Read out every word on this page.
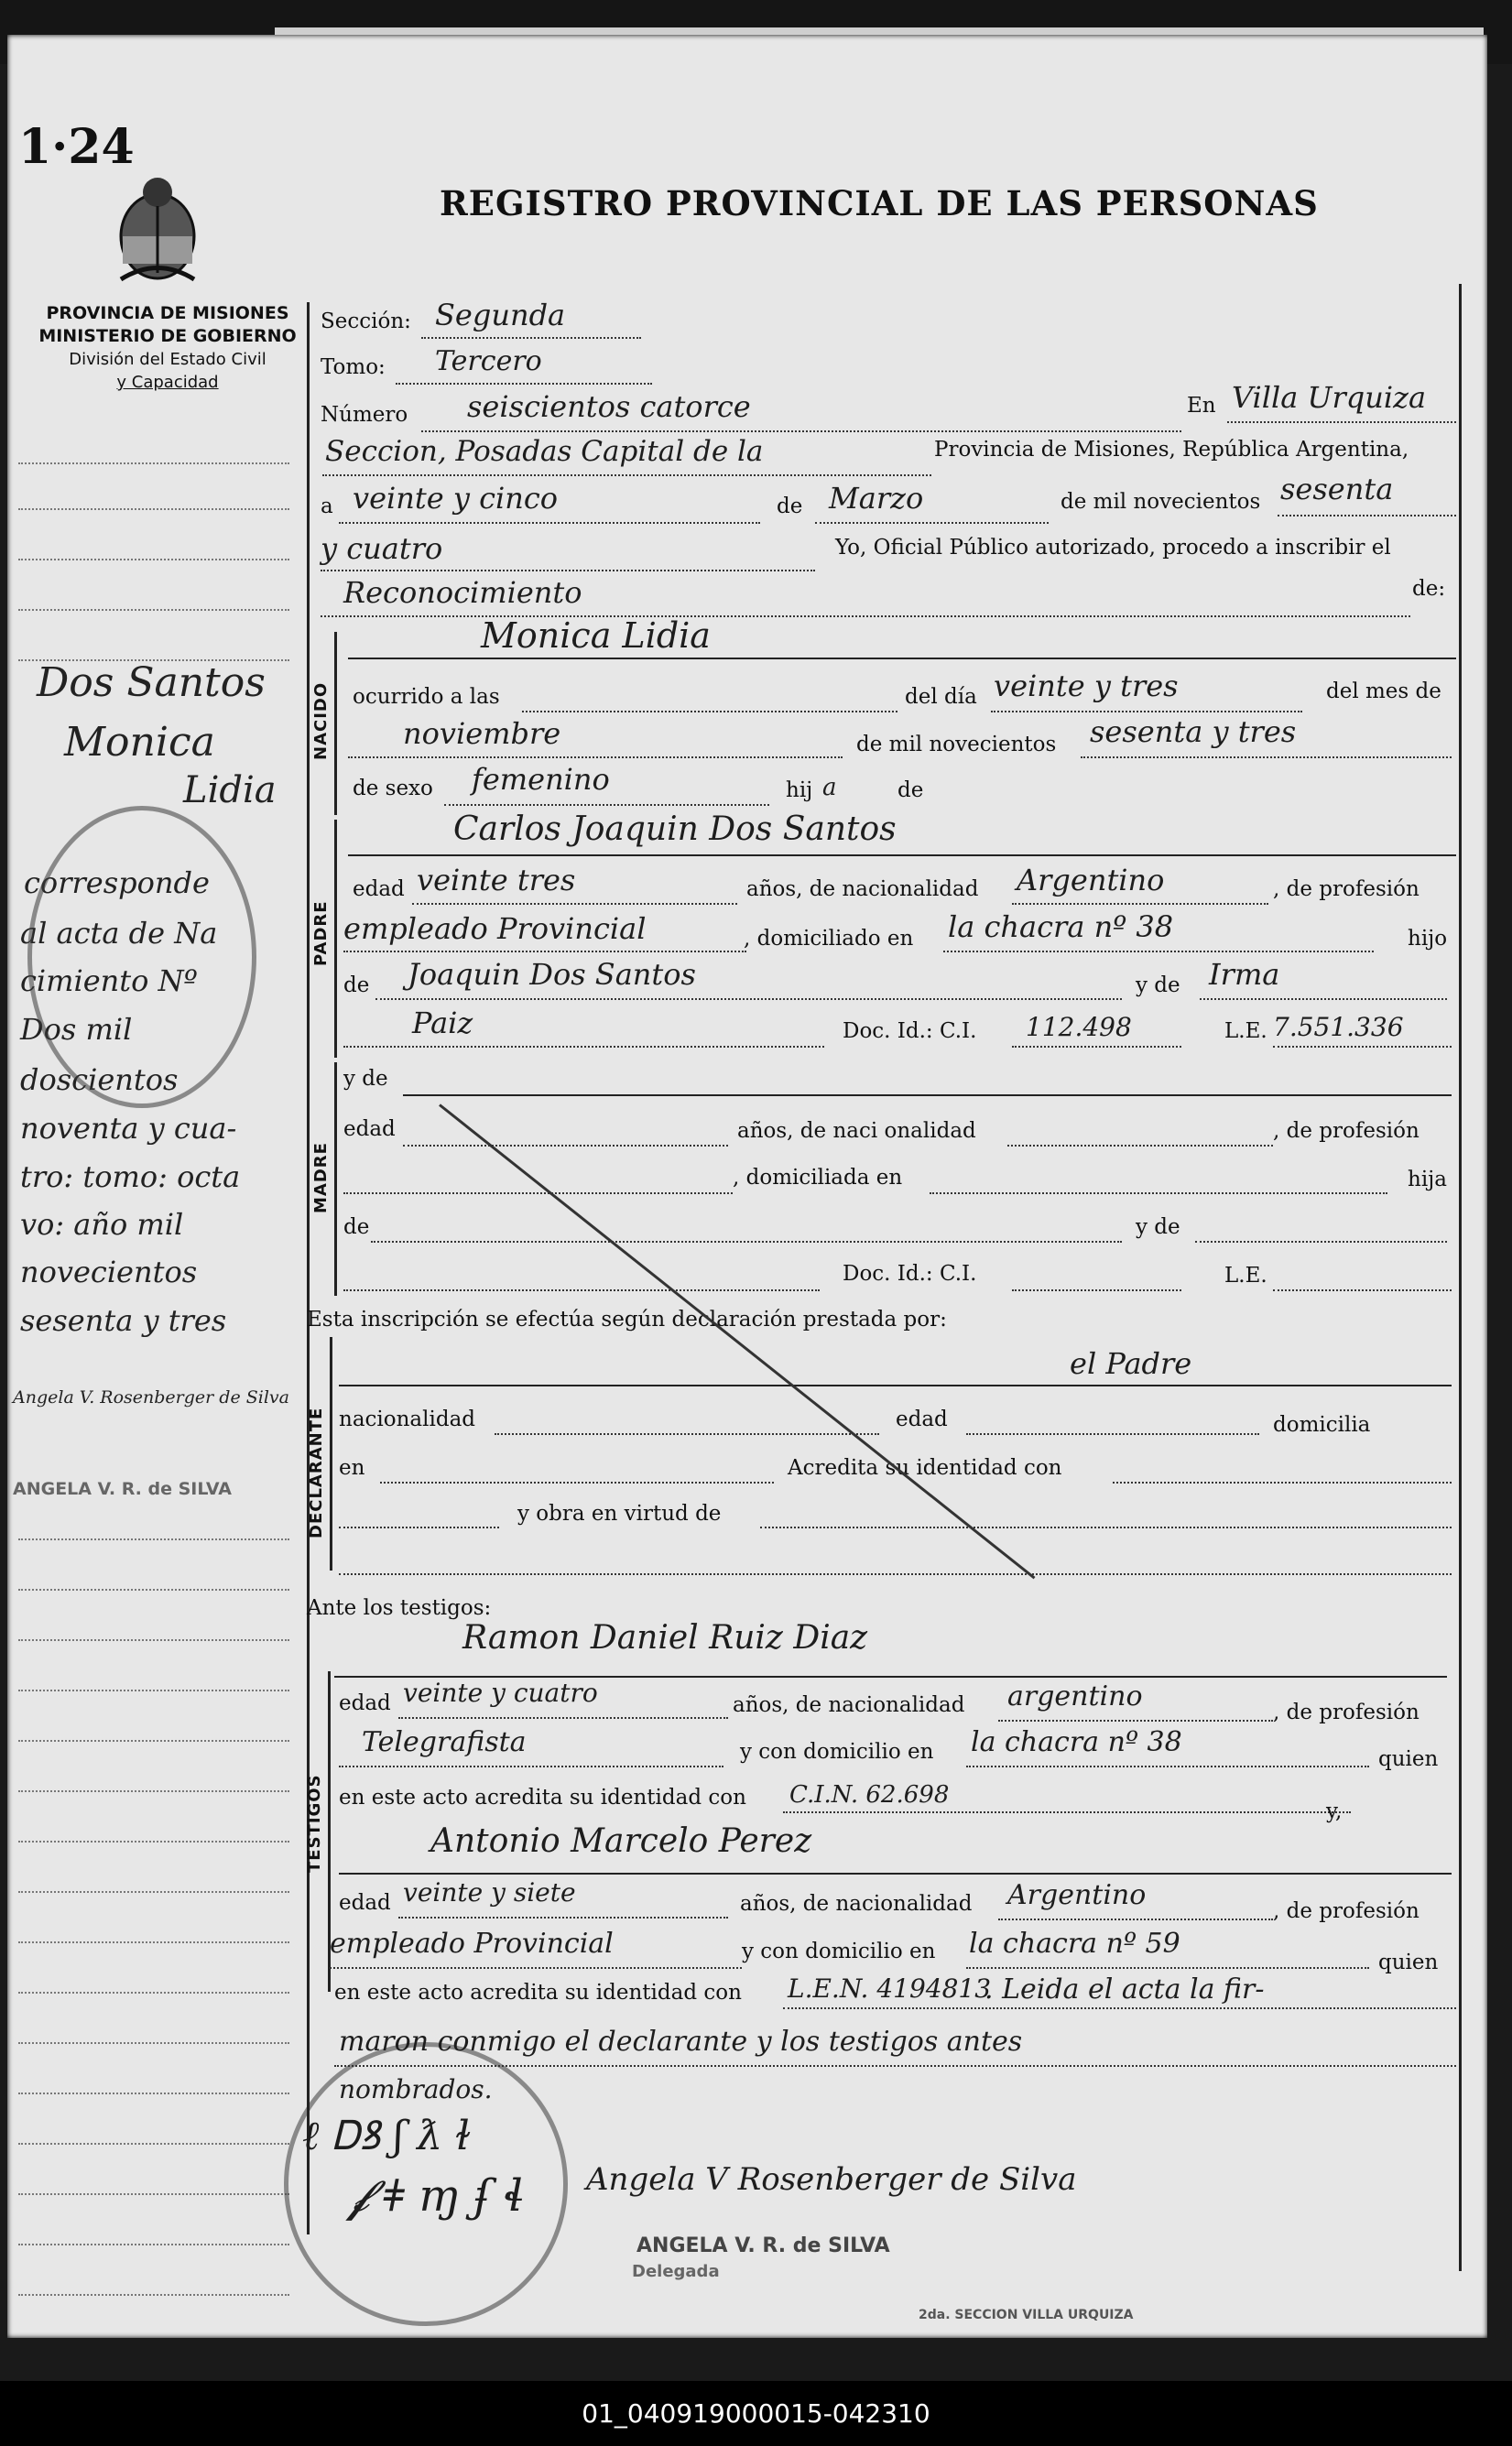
1·24
REGISTRO PROVINCIAL DE LAS PERSONAS
PROVINCIA DE MISIONES
MINISTERIO DE GOBIERNO
División del Estado Civil
y Capacidad
Dos Santos
Monica
Lidia
corresponde
al acta de Na
cimiento Nº
Dos mil
doscientos
noventa y cua-
tro: tomo: octa
vo: año mil
novecientos
sesenta y tres
Angela V. Rosenberger de Silva
ANGELA V. R. de SILVA
NACIDO
PADRE
MADRE
DECLARANTE
TESTIGOS
Sección: Segunda
Tomo: Tercero
Número seiscientos catorce	En Villa Urquiza
Seccion, Posadas Capital de la	Provincia de Misiones, República Argentina,
a veinte y cinco	de Marzo	de mil novecientos sesenta
y cuatro	Yo, Oficial Público autorizado, procedo a inscribir el
Reconocimiento	de:
Monica Lidia
ocurrido a las	del día veinte y tres	del mes de
noviembre	de mil novecientos sesenta y tres
de sexo femenino	hij a	de
Carlos Joaquin Dos Santos
edad veinte tres	años, de nacionalidad Argentino	, de profesión
empleado Provincial	, domiciliado en la chacra nº 38	hijo
de Joaquin Dos Santos	y de Irma
Paiz	Doc. Id.: C.I. 112.498	L.E. 7.551.336
y de
edad	años, de naci onalidad	, de profesión
, domiciliada en	hija
de	y de
Doc. Id.: C.I.	L.E.
Esta inscripción se efectúa según declaración prestada por:
el Padre
nacionalidad	edad	domicilia
en	Acredita su identidad con
y obra en virtud de
Ante los testigos:
Ramon Daniel Ruiz Diaz
edad veinte y cuatro	años, de nacionalidad argentino	, de profesión
Telegrafista	y con domicilio en la chacra nº 38
quien
en este acto acredita su identidad con C.I.N. 62.698
y,
Antonio Marcelo Perez
edad veinte y siete	años, de nacionalidad Argentino	, de profesión
empleado Provincial	y con domicilio en la chacra nº 59
quien
en este acto acredita su identidad con L.E.N. 4194813
. Leida el acta la fir-
maron conmigo el declarante y los testigos antes
nombrados.
ℓ Ꭰꝸ ʃ ƛ ɫ
𝓯 ǂ ɱ ʄ ɬ Angela V Rosenberger de Silva
ANGELA V. R. de SILVA
Delegada
2da. SECCION VILLA URQUIZA
01_040919000015-042310
